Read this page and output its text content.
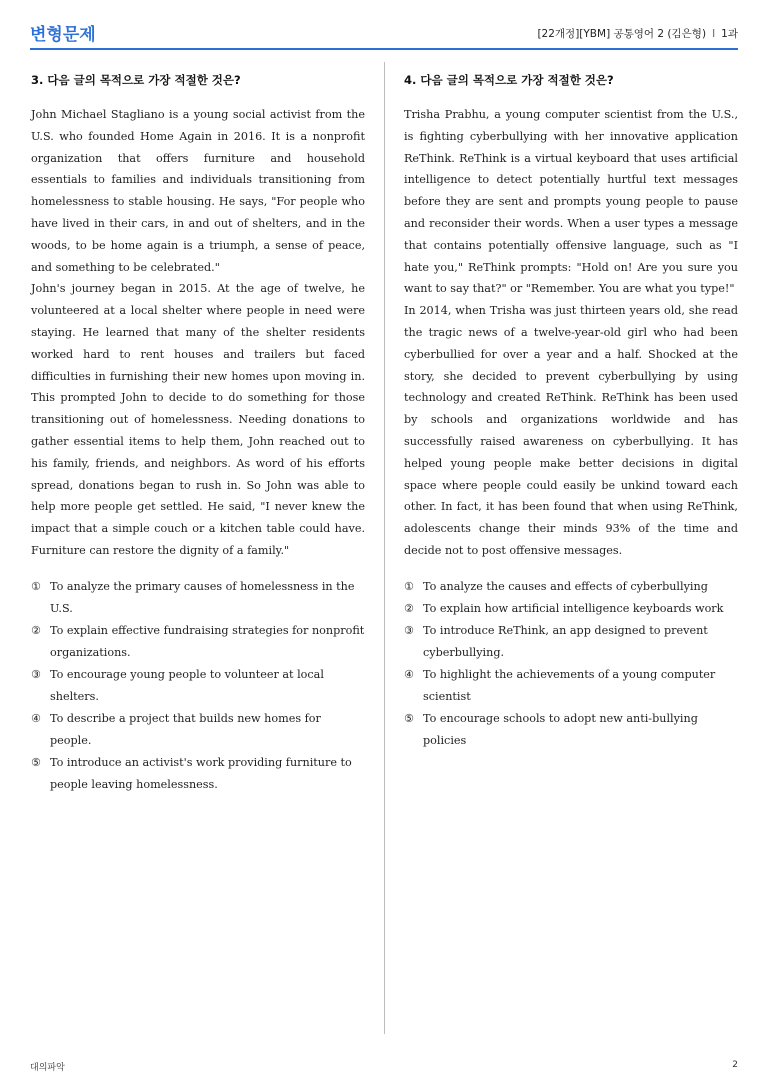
변형문제	[22개정][YBM] 공통영어 2 (김은형) I 1과
3. 다음 글의 목적으로 가장 적절한 것은?

John Michael Stagliano is a young social activist from the U.S. who founded Home Again in 2016. It is a nonprofit organization that offers furniture and household essentials to families and individuals transitioning from homelessness to stable housing. He says, "For people who have lived in their cars, in and out of shelters, and in the woods, to be home again is a triumph, a sense of peace, and something to be celebrated."

John's journey began in 2015. At the age of twelve, he volunteered at a local shelter where people in need were staying. He learned that many of the shelter residents worked hard to rent houses and trailers but faced difficulties in furnishing their new homes upon moving in. This prompted John to decide to do something for those transitioning out of homelessness. Needing donations to gather essential items to help them, John reached out to his family, friends, and neighbors. As word of his efforts spread, donations began to rush in. So John was able to help more people get settled. He said, "I never knew the impact that a simple couch or a kitchen table could have. Furniture can restore the dignity of a family."

① To analyze the primary causes of homelessness in the U.S.
② To explain effective fundraising strategies for nonprofit organizations.
③ To encourage young people to volunteer at local shelters.
④ To describe a project that builds new homes for people.
⑤ To introduce an activist's work providing furniture to people leaving homelessness.
4. 다음 글의 목적으로 가장 적절한 것은?

Trisha Prabhu, a young computer scientist from the U.S., is fighting cyberbullying with her innovative application ReThink. ReThink is a virtual keyboard that uses artificial intelligence to detect potentially hurtful text messages before they are sent and prompts young people to pause and reconsider their words. When a user types a message that contains potentially offensive language, such as "I hate you," ReThink prompts: "Hold on! Are you sure you want to say that?" or "Remember. You are what you type!"

In 2014, when Trisha was just thirteen years old, she read the tragic news of a twelve-year-old girl who had been cyberbullied for over a year and a half. Shocked at the story, she decided to prevent cyberbullying by using technology and created ReThink. ReThink has been used by schools and organizations worldwide and has successfully raised awareness on cyberbullying. It has helped young people make better decisions in digital space where people could easily be unkind toward each other. In fact, it has been found that when using ReThink, adolescents change their minds 93% of the time and decide not to post offensive messages.

① To analyze the causes and effects of cyberbullying
② To explain how artificial intelligence keyboards work
③ To introduce ReThink, an app designed to prevent cyberbullying.
④ To highlight the achievements of a young computer scientist
⑤ To encourage schools to adopt new anti-bullying policies
대의파악	2
